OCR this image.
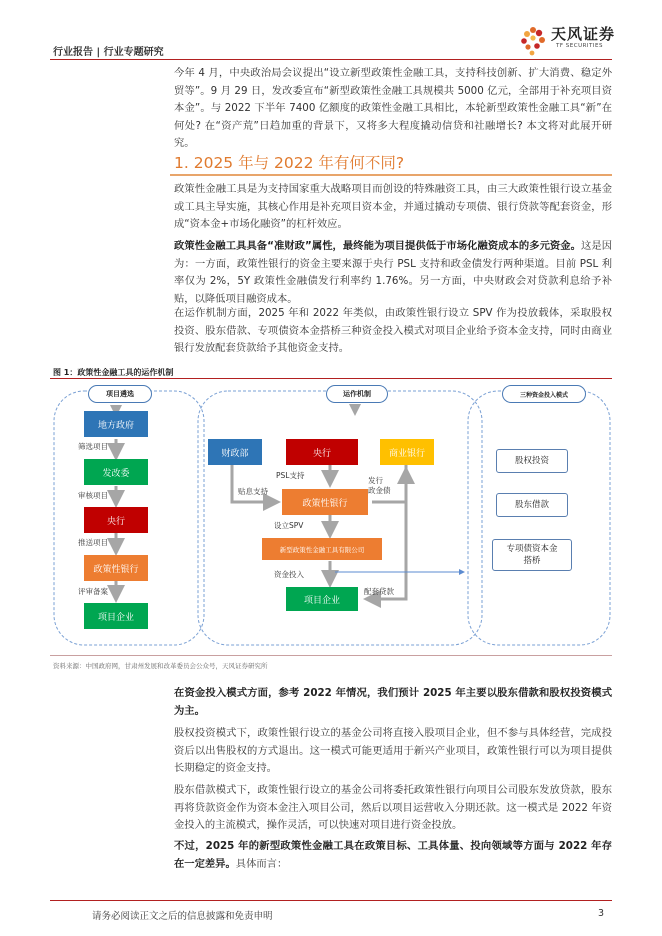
行业报告 | 行业专题研究
天风证券
TF SECURITIES

今年 4 月，中央政治局会议提出“设立新型政策性金融工具，支持科技创新、扩大消费、稳定外贸等”。9 月 29 日，发改委宣布“新型政策性金融工具规模共 5000 亿元，全部用于补充项目资本金”。与 2022 下半年 7400 亿额度的政策性金融工具相比，本轮新型政策性金融工具“新”在何处? 在“资产荒”日趋加重的背景下，又将多大程度撬动信贷和社融增长? 本文将对此展开研究。

1. 2025 年与 2022 年有何不同?

政策性金融工具是为支持国家重大战略项目而创设的特殊融资工具，由三大政策性银行设立基金或工具主导实施，其核心作用是补充项目资本金，并通过撬动专项债、银行贷款等配套资金，形成“资本金+市场化融资”的杠杆效应。

政策性金融工具具备“准财政”属性，最终能为项目提供低于市场化融资成本的多元资金。这是因为：一方面，政策性银行的资金主要来源于央行 PSL 支持和政金债发行两种渠道。目前 PSL 利率仅为 2%，5Y 政策性金融债发行利率约 1.76%。另一方面，中央财政会对贷款利息给予补贴，以降低项目融资成本。

在运作机制方面，2025 年和 2022 年类似，由政策性银行设立 SPV 作为投放载体，采取股权投资、股东借款、专项债资本金搭桥三种资金投入模式对项目企业给予资本金支持，同时由商业银行发放配套贷款给予其他资金支持。

图 1：政策性金融工具的运作机制
项目遴选
地方政府
筛选项目
发改委
审核项目
央行
推送项目
政策性银行
评审备案
项目企业
运作机制
财政部	央行	商业银行
PSL支持
发行
政金债
贴息支持
政策性银行
设立SPV
新型政策性金融工具有限公司
资金投入
项目企业
配套贷款
三种资金投入模式
股权投资
股东借款
专项债资本金
搭桥
资料来源：中国政府网，甘肃州发展和改革委员会公众号，天风证券研究所

在资金投入模式方面，参考 2022 年情况，我们预计 2025 年主要以股东借款和股权投资模式为主。

股权投资模式下，政策性银行设立的基金公司将直接入股项目企业，但不参与具体经营，完成投资后以出售股权的方式退出。这一模式可能更适用于新兴产业项目，政策性银行可以为项目提供长期稳定的资金支持。

股东借款模式下，政策性银行设立的基金公司将委托政策性银行向项目公司股东发放贷款，股东再将贷款资金作为资本金注入项目公司，然后以项目运营收入分期还款。这一模式是 2022 年资金投入的主流模式，操作灵活，可以快速对项目进行资金投放。

不过，2025 年的新型政策性金融工具在政策目标、工具体量、投向领域等方面与 2022 年存在一定差异。具体而言：

请务必阅读正文之后的信息披露和免责申明	3
